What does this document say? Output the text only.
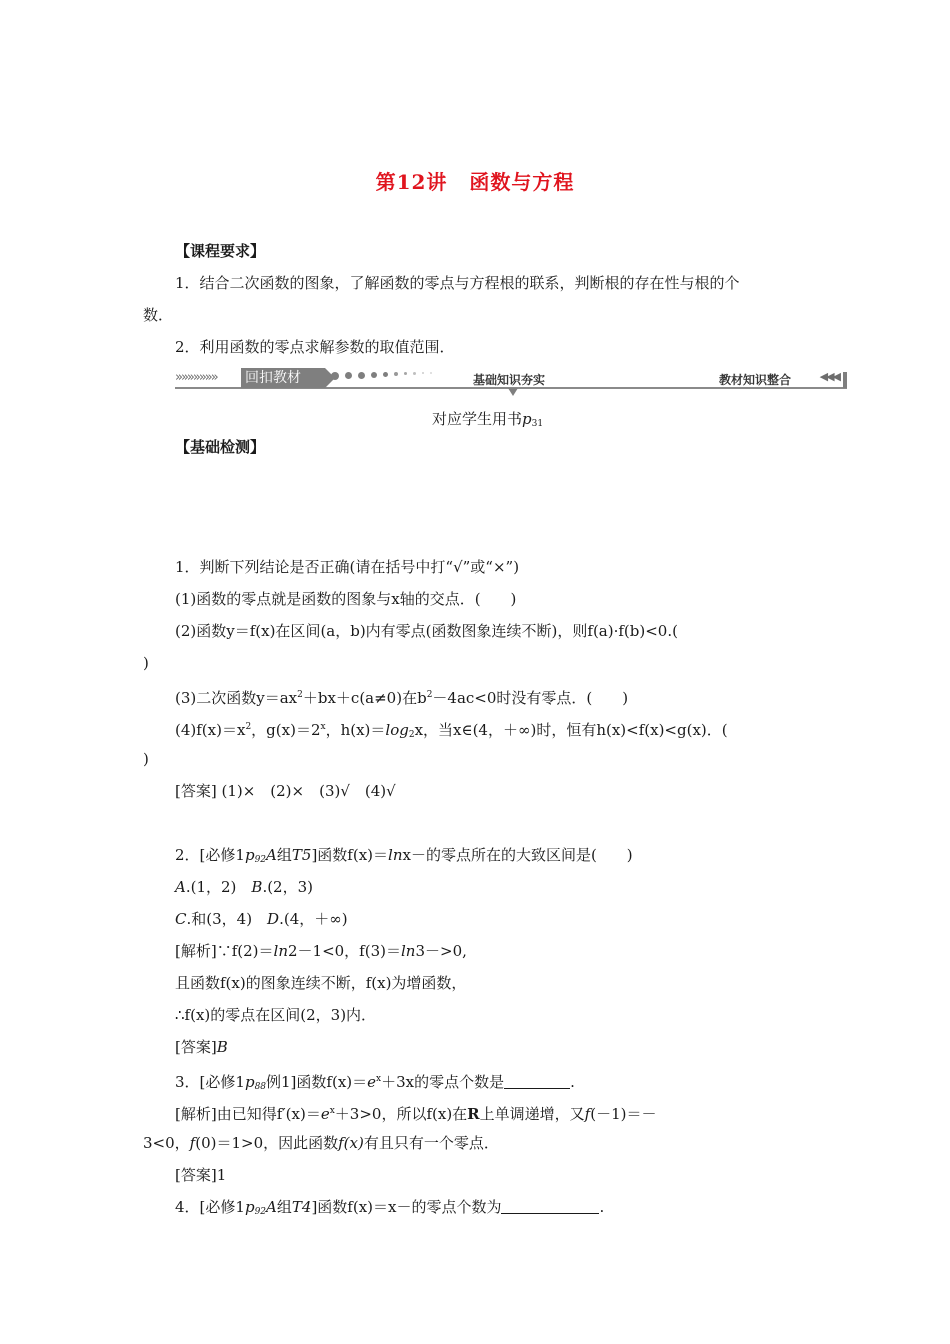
第12讲 函数与方程
【课程要求】
1．结合二次函数的图象，了解函数的零点与方程根的联系，判断根的存在性与根的个
数．
2．利用函数的零点求解参数的取值范围．
»»»»»»» 回扣教材	基础知识夯实	教材知识整合	◀◀◀
对应学生用书$p_{31}$
【基础检测】
1．判断下列结论是否正确(请在括号中打“√”或“×”)
(1)函数的零点就是函数的图象与x轴的交点．(　　)
(2)函数y＝f(x)在区间(a，b)内有零点(函数图象连续不断)，则f(a)·f(b)<0.(
)
(3)二次函数$y=ax^2+bx+c(a\ne 0)$在$b^2-4ac<0$时没有零点．(　　)
$(4)f(x)=x^2$，$g(x)=2^x$，$h(x)=\log_2x$，当x∈(4，＋∞)时，恒有h(x)<f(x)<g(x)．(
)
[答案] (1)×　(2)×　(3)√　(4)√
2．[必修$1p_{92}A$组T5]函数f(x)＝lnx－的零点所在的大致区间是(　　)
A.(1，2)　B.(2，3)
C.和(3，4)　D.(4，＋∞)
[解析]∵f(2)＝ln2－1<0，f(3)＝ln3－>0,
且函数f(x)的图象连续不断，f(x)为增函数，
∴f(x)的零点在区间(2，3)内．
[答案]B
3．[必修$1p_{88}$例1]函数$f(x)=e^x+3x$的零点个数是	.
[解析]由已知得$f'(x)=e^x+3>0$，所以f(x)在R上单调递增，又f(－1)＝－
3<0，f(0)＝1>0，因此函数f(x)有且只有一个零点．
[答案]1
4．[必修$1p_{92}A$组T4]函数f(x)＝x－的零点个数为	.
